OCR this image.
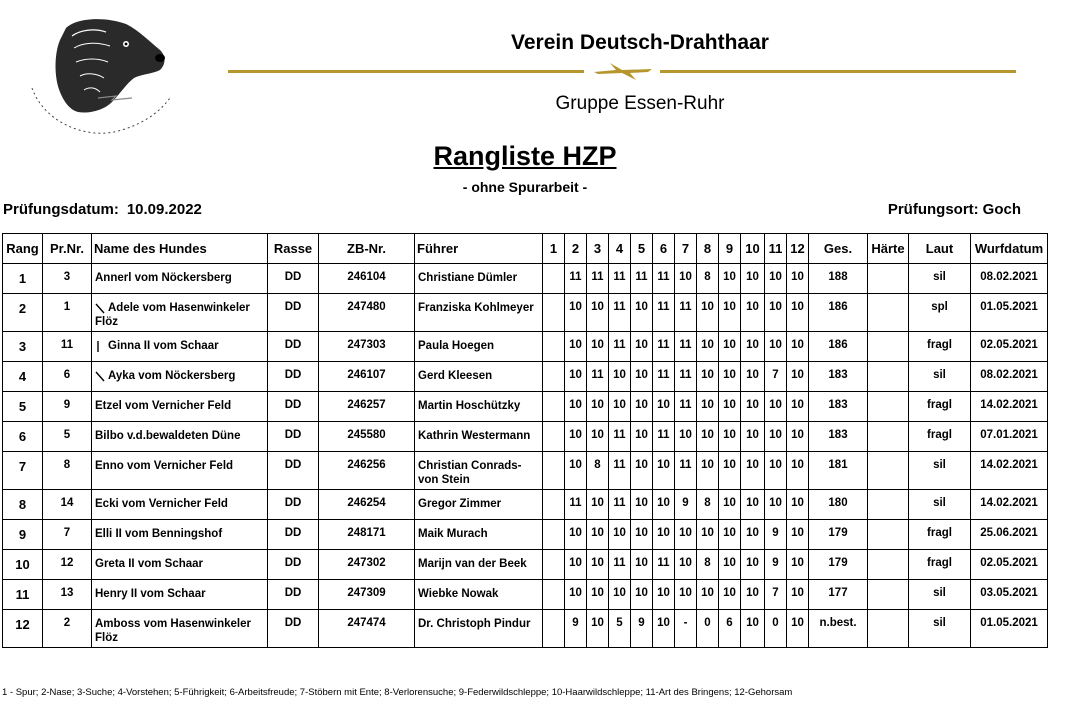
Verein Deutsch-Drahthaar
Gruppe Essen-Ruhr
Rangliste HZP
- ohne Spurarbeit -
Prüfungsdatum: 10.09.2022	Prüfungsort: Goch
Rang	Pr.Nr.	Name des Hundes	Rasse	ZB-Nr.	Führer	1	2	3	4	5	6	7	8	9	10	11	12	Ges.	Härte	Laut	Wurfdatum
1	3	Annerl vom Nöckersberg	DD	246104	Christiane Dümler		11	11	11	11	11	10	8	10	10	10	10	188		sil	08.02.2021
2	1	Adele vom Hasenwinkeler Flöz	DD	247480	Franziska Kohlmeyer		10	10	11	10	11	11	10	10	10	10	10	186		spl	01.05.2021
3	11	Ginna II vom Schaar	DD	247303	Paula Hoegen		10	10	11	10	11	11	10	10	10	10	10	186		fragl	02.05.2021
4	6	Ayka vom Nöckersberg	DD	246107	Gerd Kleesen		10	11	10	10	11	11	10	10	10	7	10	183		sil	08.02.2021
5	9	Etzel vom Vernicher Feld	DD	246257	Martin Hoschützky		10	10	10	10	10	11	10	10	10	10	10	183		fragl	14.02.2021
6	5	Bilbo v.d.bewaldeten Düne	DD	245580	Kathrin Westermann		10	10	11	10	11	10	10	10	10	10	10	183		fragl	07.01.2021
7	8	Enno vom Vernicher Feld	DD	246256	Christian Conrads-von Stein		10	8	11	10	10	11	10	10	10	10	10	181		sil	14.02.2021
8	14	Ecki vom Vernicher Feld	DD	246254	Gregor Zimmer		11	10	11	10	10	9	8	10	10	10	10	180		sil	14.02.2021
9	7	Elli II vom Benningshof	DD	248171	Maik Murach		10	10	10	10	10	10	10	10	10	9	10	179		fragl	25.06.2021
10	12	Greta II vom Schaar	DD	247302	Marijn van der Beek		10	10	11	10	11	10	8	10	10	9	10	179		fragl	02.05.2021
11	13	Henry II vom Schaar	DD	247309	Wiebke Nowak		10	10	10	10	10	10	10	10	10	7	10	177		sil	03.05.2021
12	2	Amboss vom Hasenwinkeler Flöz	DD	247474	Dr. Christoph Pindur		9	10	5	9	10	-	0	6	10	0	10	n.best.		sil	01.05.2021
1 - Spur; 2-Nase; 3-Suche; 4-Vorstehen; 5-Führigkeit; 6-Arbeitsfreude; 7-Stöbern mit Ente; 8-Verlorensuche; 9-Federwildschleppe; 10-Haarwildschleppe; 11-Art des Bringens; 12-Gehorsam
